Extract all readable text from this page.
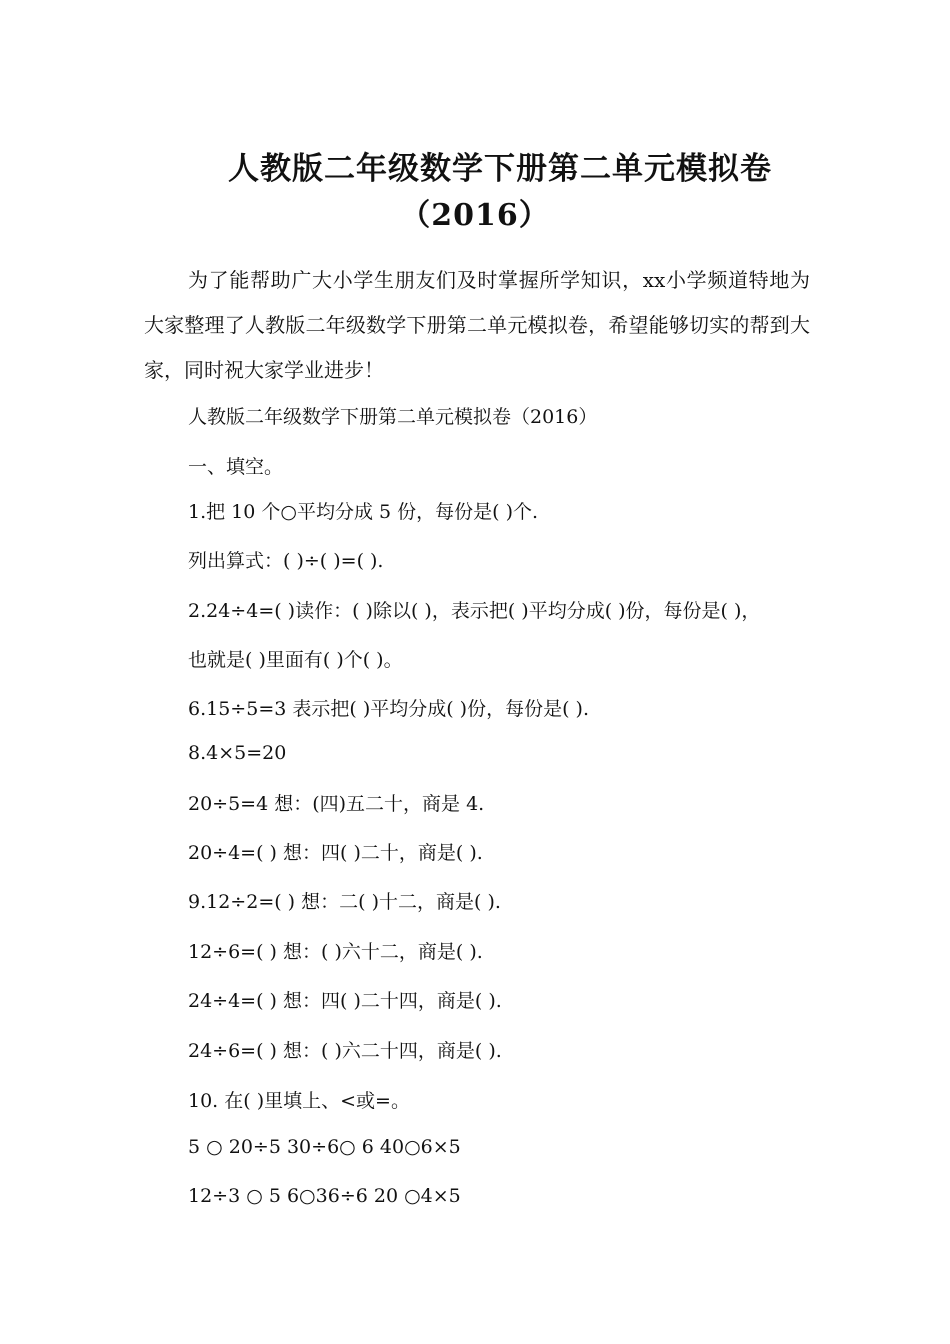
人教版二年级数学下册第二单元模拟卷
（2016）

为了能帮助广大小学生朋友们及时掌握所学知识，xx小学频道特地为大家整理了人教版二年级数学下册第二单元模拟卷，希望能够切实的帮到大家，同时祝大家学业进步！

人教版二年级数学下册第二单元模拟卷（2016）

一、填空。

1.把 10 个○平均分成 5 份，每份是( )个.

列出算式：( )÷( )=( ).

2.24÷4=( )读作：( )除以( )，表示把( )平均分成( )份，每份是( )，

也就是( )里面有( )个( )。

6.15÷5=3 表示把( )平均分成( )份，每份是( ).

8.4×5=20

20÷5=4 想：(四)五二十，商是 4.

20÷4=( ) 想：四( )二十，商是( ).

9.12÷2=( ) 想：二( )十二，商是( ).

12÷6=( ) 想：( )六十二，商是( ).

24÷4=( ) 想：四( )二十四，商是( ).

24÷6=( ) 想：( )六二十四，商是( ).

10. 在( )里填上、<或=。

5 ○ 20÷5 30÷6○ 6 40○6×5

12÷3 ○ 5 6○36÷6 20 ○4×5
